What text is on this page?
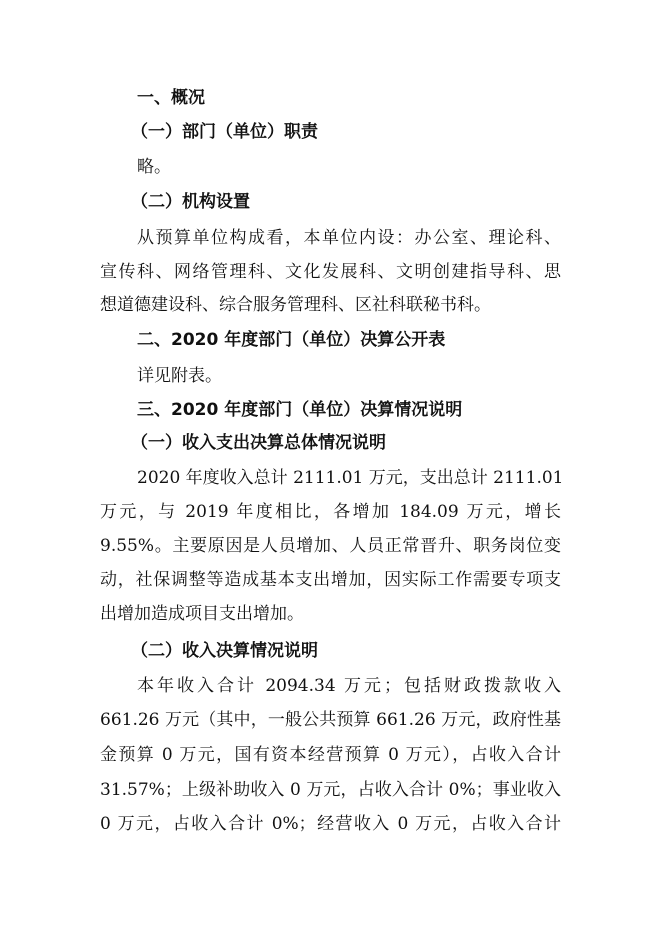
一、概况
（一）部门（单位）职责
略。
（二）机构设置
从预算单位构成看，本单位内设：办公室、理论科、
宣传科、网络管理科、文化发展科、文明创建指导科、思
想道德建设科、综合服务管理科、区社科联秘书科。
二、2020 年度部门（单位）决算公开表
详见附表。
三、2020 年度部门（单位）决算情况说明
（一）收入支出决算总体情况说明
2020 年度收入总计 2111.01 万元，支出总计 2111.01
万元，与 2019 年度相比，各增加 184.09 万元，增长
9.55%。主要原因是人员增加、人员正常晋升、职务岗位变
动，社保调整等造成基本支出增加，因实际工作需要专项支
出增加造成项目支出增加。
（二）收入决算情况说明
本年收入合计 2094.34 万元；包括财政拨款收入
661.26 万元（其中，一般公共预算 661.26 万元，政府性基
金预算 0 万元，国有资本经营预算 0 万元），占收入合计
31.57%；上级补助收入 0 万元，占收入合计 0%；事业收入
0 万元，占收入合计 0%；经营收入 0 万元，占收入合计
